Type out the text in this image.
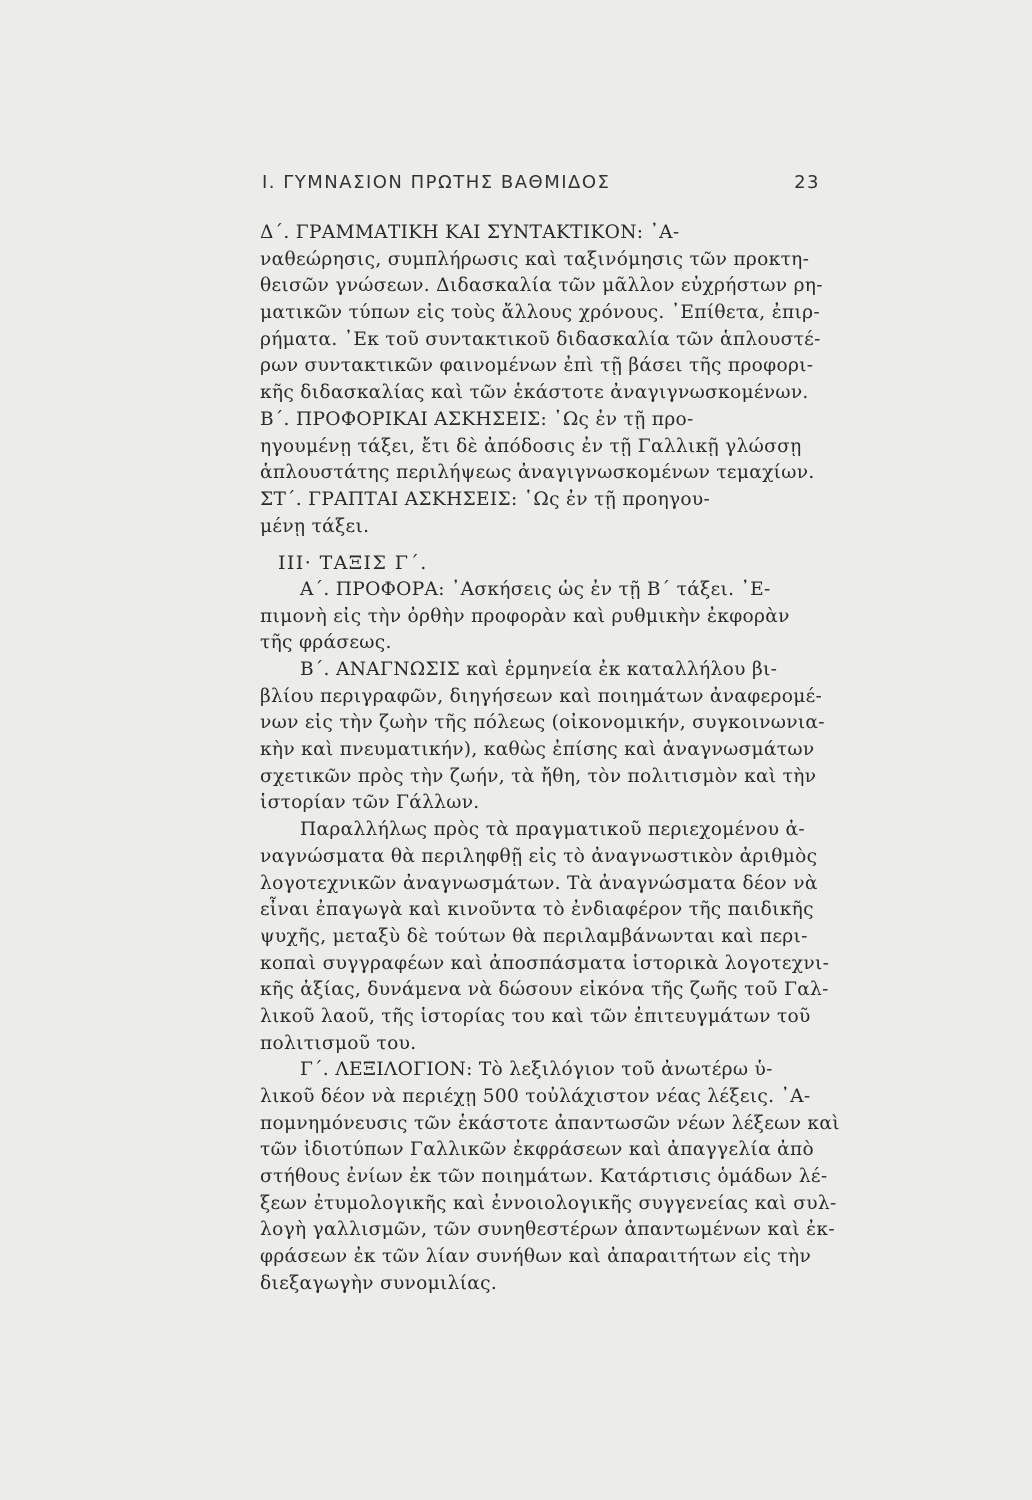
I. ΓΥΜΝΑΣΙΟΝ ΠΡΩΤΗΣ ΒΑΘΜΙΔΟΣ	23
Δ΄. ΓΡΑΜΜΑΤΙΚΗ ΚΑΙ ΣΥΝΤΑΚΤΙΚΟΝ: ᾿Α-
ναθεώρησις, συμπλήρωσις καὶ ταξινόμησις τῶν προκτη-
θεισῶν γνώσεων. Διδασκαλία τῶν μᾶλλον εὐχρήστων ρη-
ματικῶν τύπων εἰς τοὺς ἄλλους χρόνους. ᾿Επίθετα, ἐπιρ-
ρήματα. ᾿Εκ τοῦ συντακτικοῦ διδασκαλία τῶν ἁπλουστέ-
ρων συντακτικῶν φαινομένων ἐπὶ τῇ βάσει τῆς προφορι-
κῆς διδασκαλίας καὶ τῶν ἑκάστοτε ἀναγιγνωσκομένων.
Β΄. ΠΡΟΦΟΡΙΚΑΙ ΑΣΚΗΣΕΙΣ: ῾Ως ἐν τῇ προ-
ηγουμένῃ τάξει, ἔτι δὲ ἀπόδοσις ἐν τῇ Γαλλικῇ γλώσσῃ
ἁπλουστάτης περιλήψεως ἀναγιγνωσκομένων τεμαχίων.
ΣΤ΄. ΓΡΑΠΤΑΙ ΑΣΚΗΣΕΙΣ: ῾Ως ἐν τῇ προηγου-
μένῃ τάξει.
ΙΙΙ· ΤΑΞΙΣ Γ΄.
Α΄. ΠΡΟΦΟΡΑ: ᾿Ασκήσεις ὡς ἐν τῇ Β΄ τάξει. ᾿Ε-
πιμονὴ εἰς τὴν ὀρθὴν προφορὰν καὶ ρυθμικὴν ἐκφορὰν
τῆς φράσεως.
Β΄. ΑΝΑΓΝΩΣΙΣ καὶ ἑρμηνεία ἐκ καταλλήλου βι-
βλίου περιγραφῶν, διηγήσεων καὶ ποιημάτων ἀναφερομέ-
νων εἰς τὴν ζωὴν τῆς πόλεως (οἰκονομικήν, συγκοινωνια-
κὴν καὶ πνευματικήν), καθὼς ἐπίσης καὶ ἀναγνωσμάτων
σχετικῶν πρὸς τὴν ζωήν, τὰ ἤθη, τὸν πολιτισμὸν καὶ τὴν
ἱστορίαν τῶν Γάλλων.
Παραλλήλως πρὸς τὰ πραγματικοῦ περιεχομένου ἀ-
ναγνώσματα θὰ περιληφθῇ εἰς τὸ ἀναγνωστικὸν ἀριθμὸς
λογοτεχνικῶν ἀναγνωσμάτων. Τὰ ἀναγνώσματα δέον νὰ
εἶναι ἐπαγωγὰ καὶ κινοῦντα τὸ ἐνδιαφέρον τῆς παιδικῆς
ψυχῆς, μεταξὺ δὲ τούτων θὰ περιλαμβάνωνται καὶ περι-
κοπαὶ συγγραφέων καὶ ἀποσπάσματα ἱστορικὰ λογοτεχνι-
κῆς ἀξίας, δυνάμενα νὰ δώσουν εἰκόνα τῆς ζωῆς τοῦ Γαλ-
λικοῦ λαοῦ, τῆς ἱστορίας του καὶ τῶν ἐπιτευγμάτων τοῦ
πολιτισμοῦ του.
Γ΄. ΛΕΞΙΛΟΓΙΟΝ: Τὸ λεξιλόγιον τοῦ ἀνωτέρω ὑ-
λικοῦ δέον νὰ περιέχῃ 500 τοὐλάχιστον νέας λέξεις. ᾿Α-
πομνημόνευσις τῶν ἑκάστοτε ἀπαντωσῶν νέων λέξεων καὶ
τῶν ἰδιοτύπων Γαλλικῶν ἐκφράσεων καὶ ἀπαγγελία ἀπὸ
στήθους ἐνίων ἐκ τῶν ποιημάτων. Κατάρτισις ὁμάδων λέ-
ξεων ἐτυμολογικῆς καὶ ἐννοιολογικῆς συγγενείας καὶ συλ-
λογὴ γαλλισμῶν, τῶν συνηθεστέρων ἀπαντωμένων καὶ ἐκ-
φράσεων ἐκ τῶν λίαν συνήθων καὶ ἀπαραιτήτων εἰς τὴν
διεξαγωγὴν συνομιλίας.
